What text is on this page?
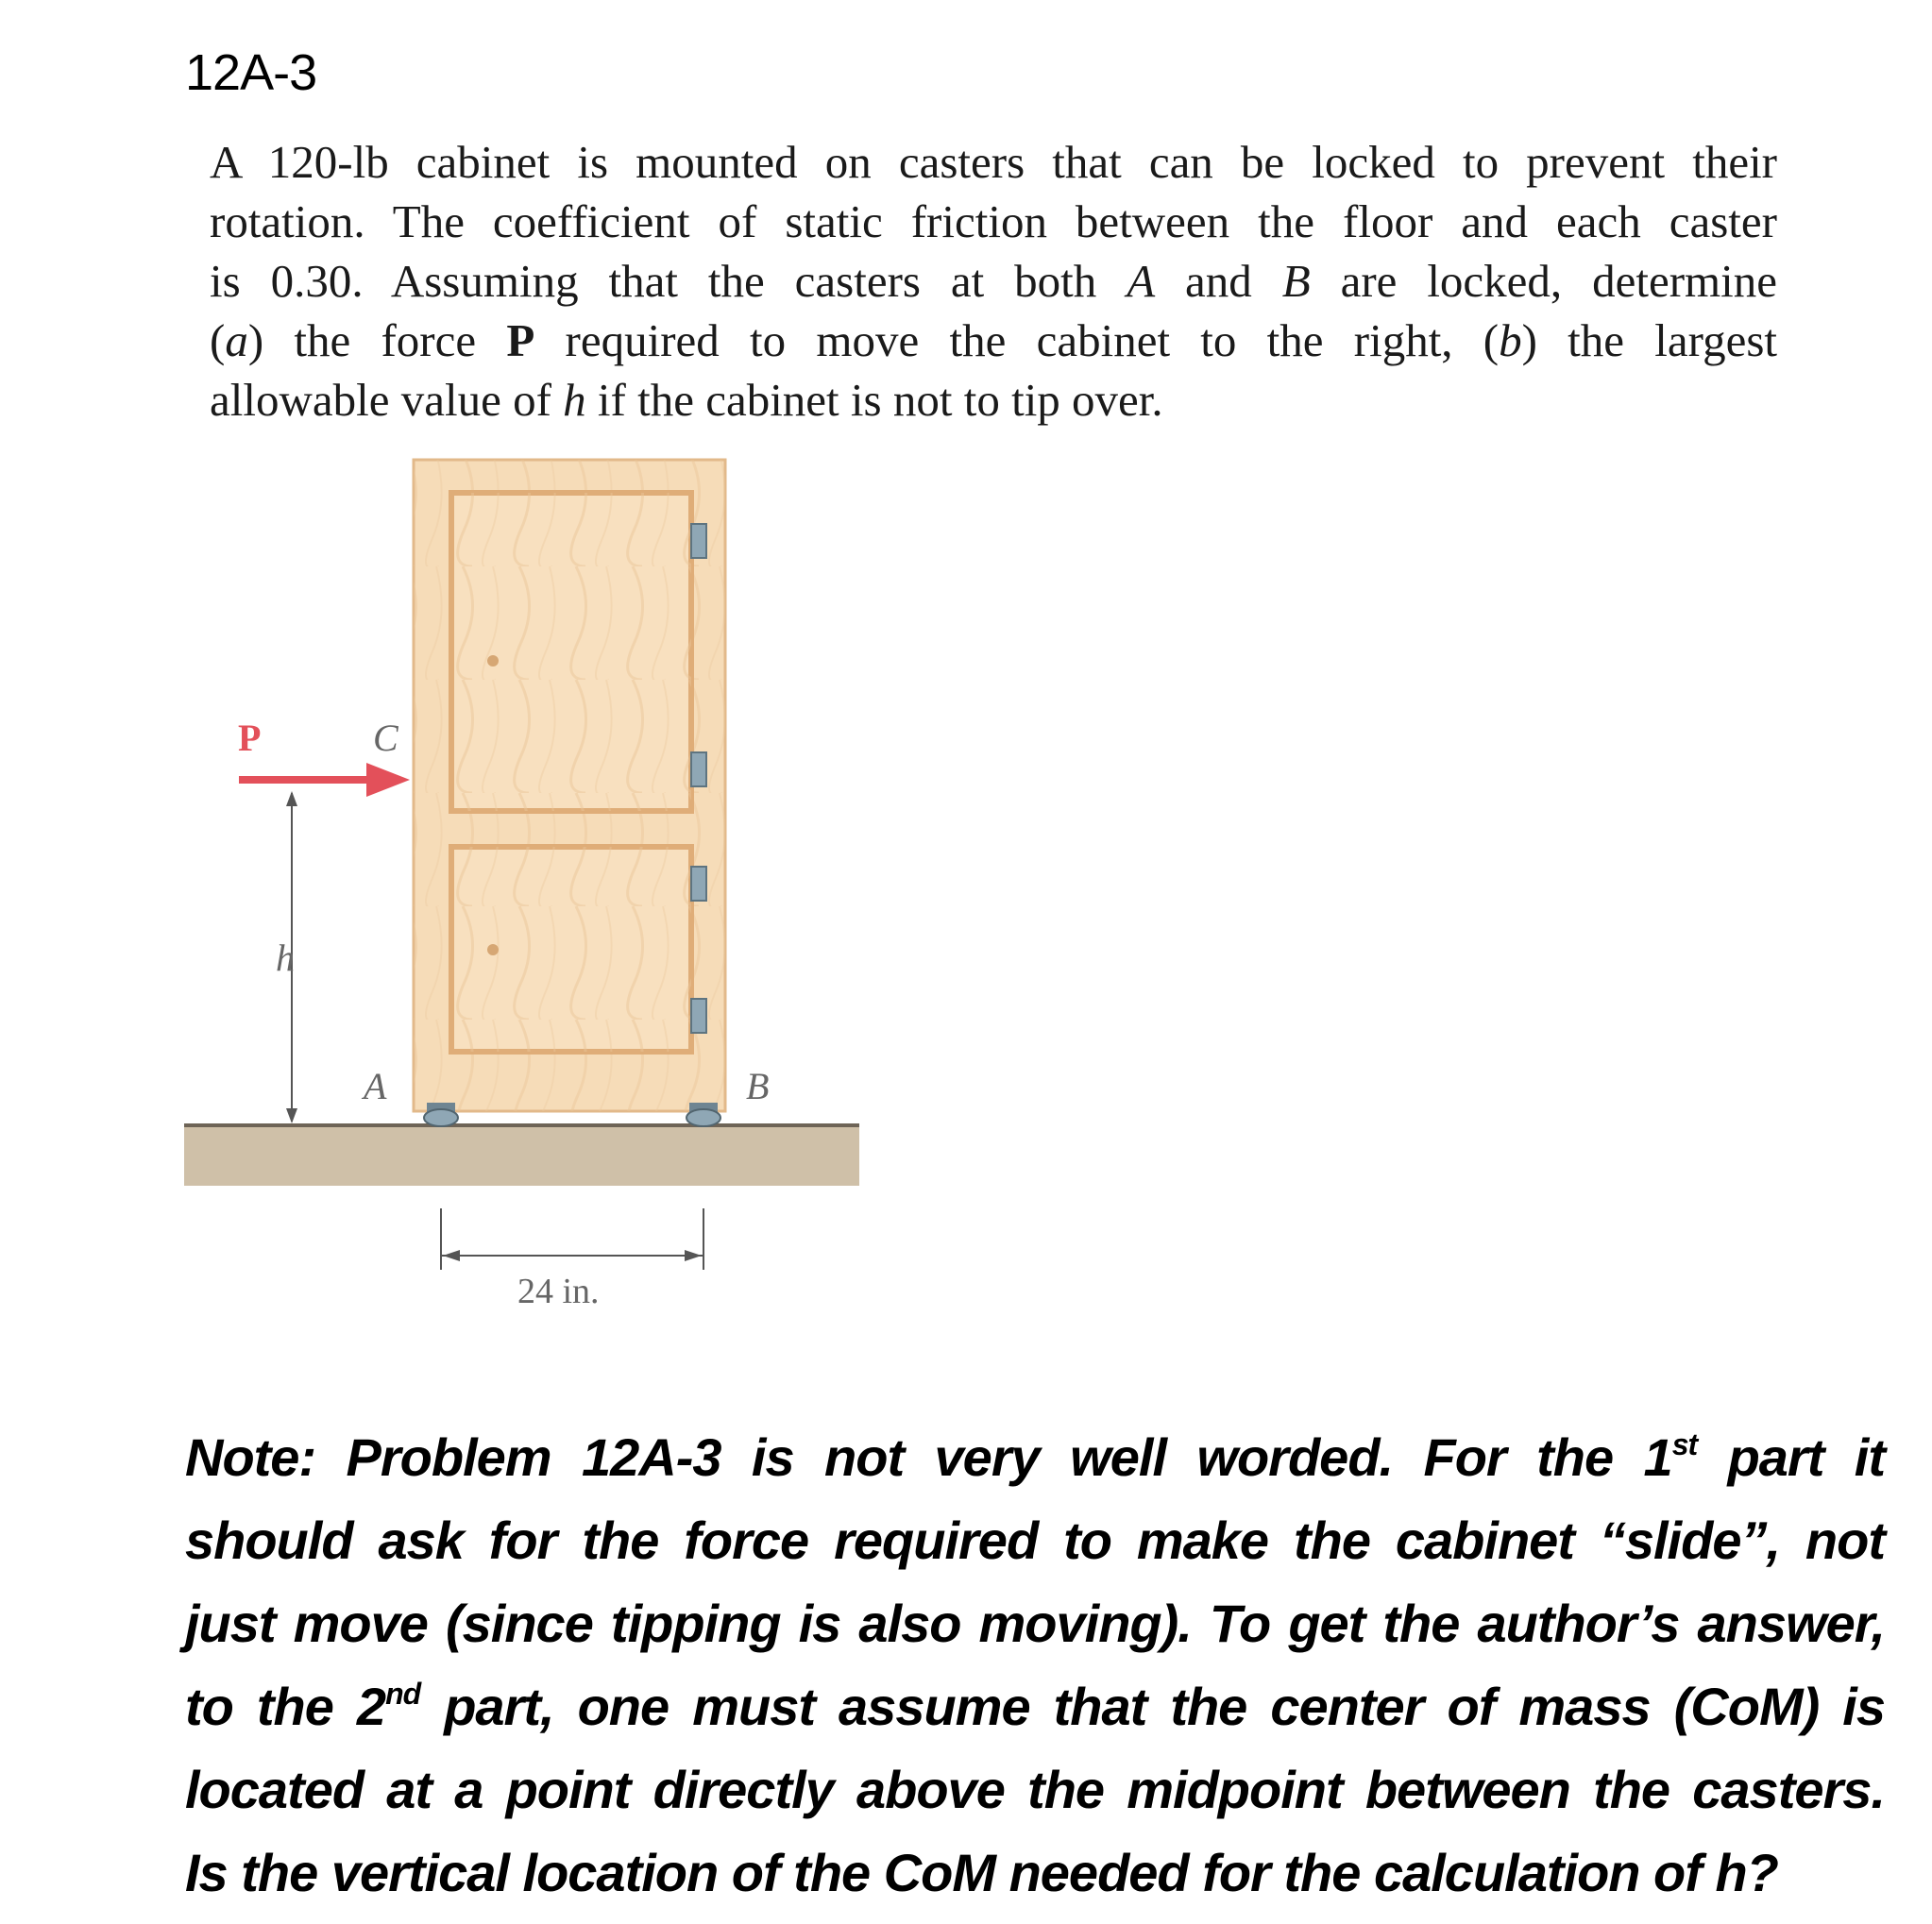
12A-3
A 120-lb cabinet is mounted on casters that can be locked to prevent their
rotation. The coefficient of static friction between the floor and each caster
is 0.30. Assuming that the casters at both A and B are locked, determine
(a) the force P required to move the cabinet to the right, (b) the largest
allowable value of h if the cabinet is not to tip over.
P	C
h
A	B
24 in.
Note: Problem 12A-3 is not very well worded. For the 1st part it
should ask for the force required to make the cabinet “slide”, not
just move (since tipping is also moving). To get the author’s answer,
to the 2nd part, one must assume that the center of mass (CoM) is
located at a point directly above the midpoint between the casters.
Is the vertical location of the CoM needed for the calculation of h?
